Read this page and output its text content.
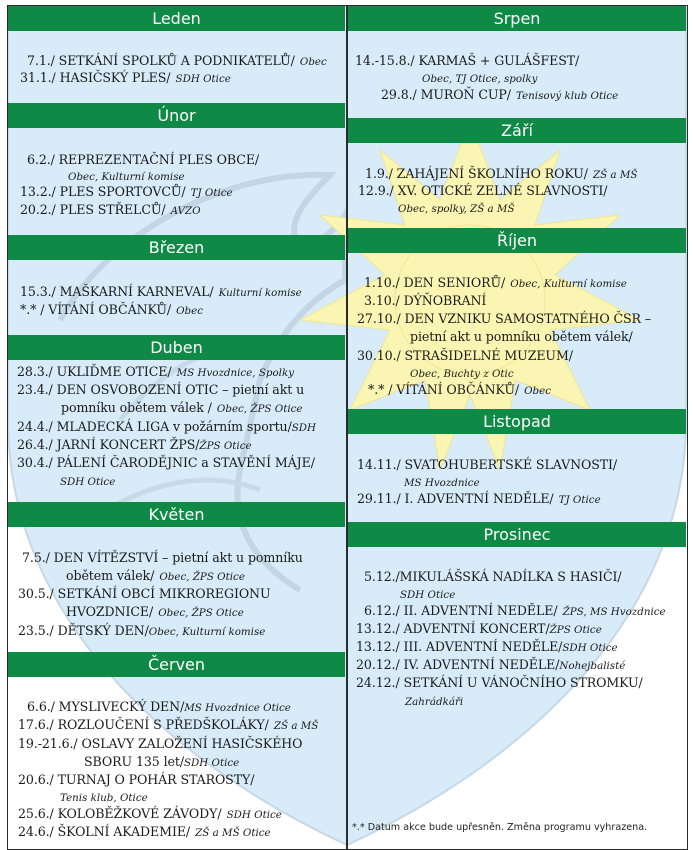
Leden
7.1./ SETKÁNÍ SPOLKŮ A PODNIKATELŮ/ Obec
31.1./ HASIČSKÝ PLES/ SDH Otice
Únor
6.2./ REPREZENTAČNÍ PLES OBCE/
Obec, Kulturní komise
13.2./ PLES SPORTOVCŮ/ TJ Otice
20.2./ PLES STŘELCŮ/ AVZO
Březen
15.3./ MAŠKARNÍ KARNEVAL/ Kulturní komise
*.* / VÍTÁNÍ OBČÁNKŮ/ Obec
Duben
28.3./ UKLIĎME OTICE/ MS Hvozdnice, Spolky
23.4./ DEN OSVOBOZENÍ OTIC – pietní akt u
pomníku obětem válek / Obec, ŽPS Otice
24.4./ MLADECKÁ LIGA v požárním sportu/SDH
26.4./ JARNÍ KONCERT ŽPS/ŽPS Otice
30.4./ PÁLENÍ ČARODĚJNIC a STAVĚNÍ MÁJE/
SDH Otice
Květen
7.5./ DEN VÍTĚZSTVÍ – pietní akt u pomníku
obětem válek/ Obec, ŽPS Otice
30.5./ SETKÁNÍ OBCÍ MIKROREGIONU
HVOZDNICE/ Obec, ŽPS Otice
23.5./ DĚTSKÝ DEN/Obec, Kulturní komise
Červen
6.6./ MYSLIVECKÝ DEN/MS Hvozdnice Otice
17.6./ ROZLOUČENÍ S PŘEDŠKOLÁKY/ ZŠ a MŠ
19.-21.6./ OSLAVY ZALOŽENÍ HASIČSKÉHO
SBORU 135 let/SDH Otice
20.6./ TURNAJ O POHÁR STAROSTY/
Tenis klub, Otice
25.6./ KOLOBĚŽKOVÉ ZÁVODY/ SDH Otice
24.6./ ŠKOLNÍ AKADEMIE/ ZŠ a MŠ Otice
Srpen
14.-15.8./ KARMAŠ + GULÁŠFEST/
Obec, TJ Otice, spolky
29.8./ MUROŇ CUP/ Tenisový klub Otice
Září
1.9./ ZAHÁJENÍ ŠKOLNÍHO ROKU/ ZŠ a MŠ
12.9./ XV. OTICKÉ ZELNÉ SLAVNOSTI/
Obec, spolky, ZŠ a MŠ
Říjen
1.10./ DEN SENIORŮ/ Obec, Kulturní komise
3.10./ DÝŇOBRANÍ
27.10./ DEN VZNIKU SAMOSTATNÉHO ČSR –
pietní akt u pomníku obětem válek/
30.10./ STRAŠIDELNÉ MUZEUM/
Obec, Buchty z Otic
*.* / VÍTÁNÍ OBČÁNKŮ/ Obec
Listopad
14.11./ SVATOHUBERTSKÉ SLAVNOSTI/
MS Hvozdnice
29.11./ I. ADVENTNÍ NEDĚLE/ TJ Otice
Prosinec
5.12./MIKULÁŠSKÁ NADÍLKA S HASIČI/
SDH Otice
6.12./ II. ADVENTNÍ NEDĚLE/ ŽPS, MS Hvozdnice
13.12./ ADVENTNÍ KONCERT/ŽPS Otice
13.12./ III. ADVENTNÍ NEDĚLE/SDH Otice
20.12./ IV. ADVENTNÍ NEDĚLE/Nohejbalisté
24.12./ SETKÁNÍ U VÁNOČNÍHO STROMKU/
Zahrádkáři
*.* Datum akce bude upřesněn. Změna programu vyhrazena.
